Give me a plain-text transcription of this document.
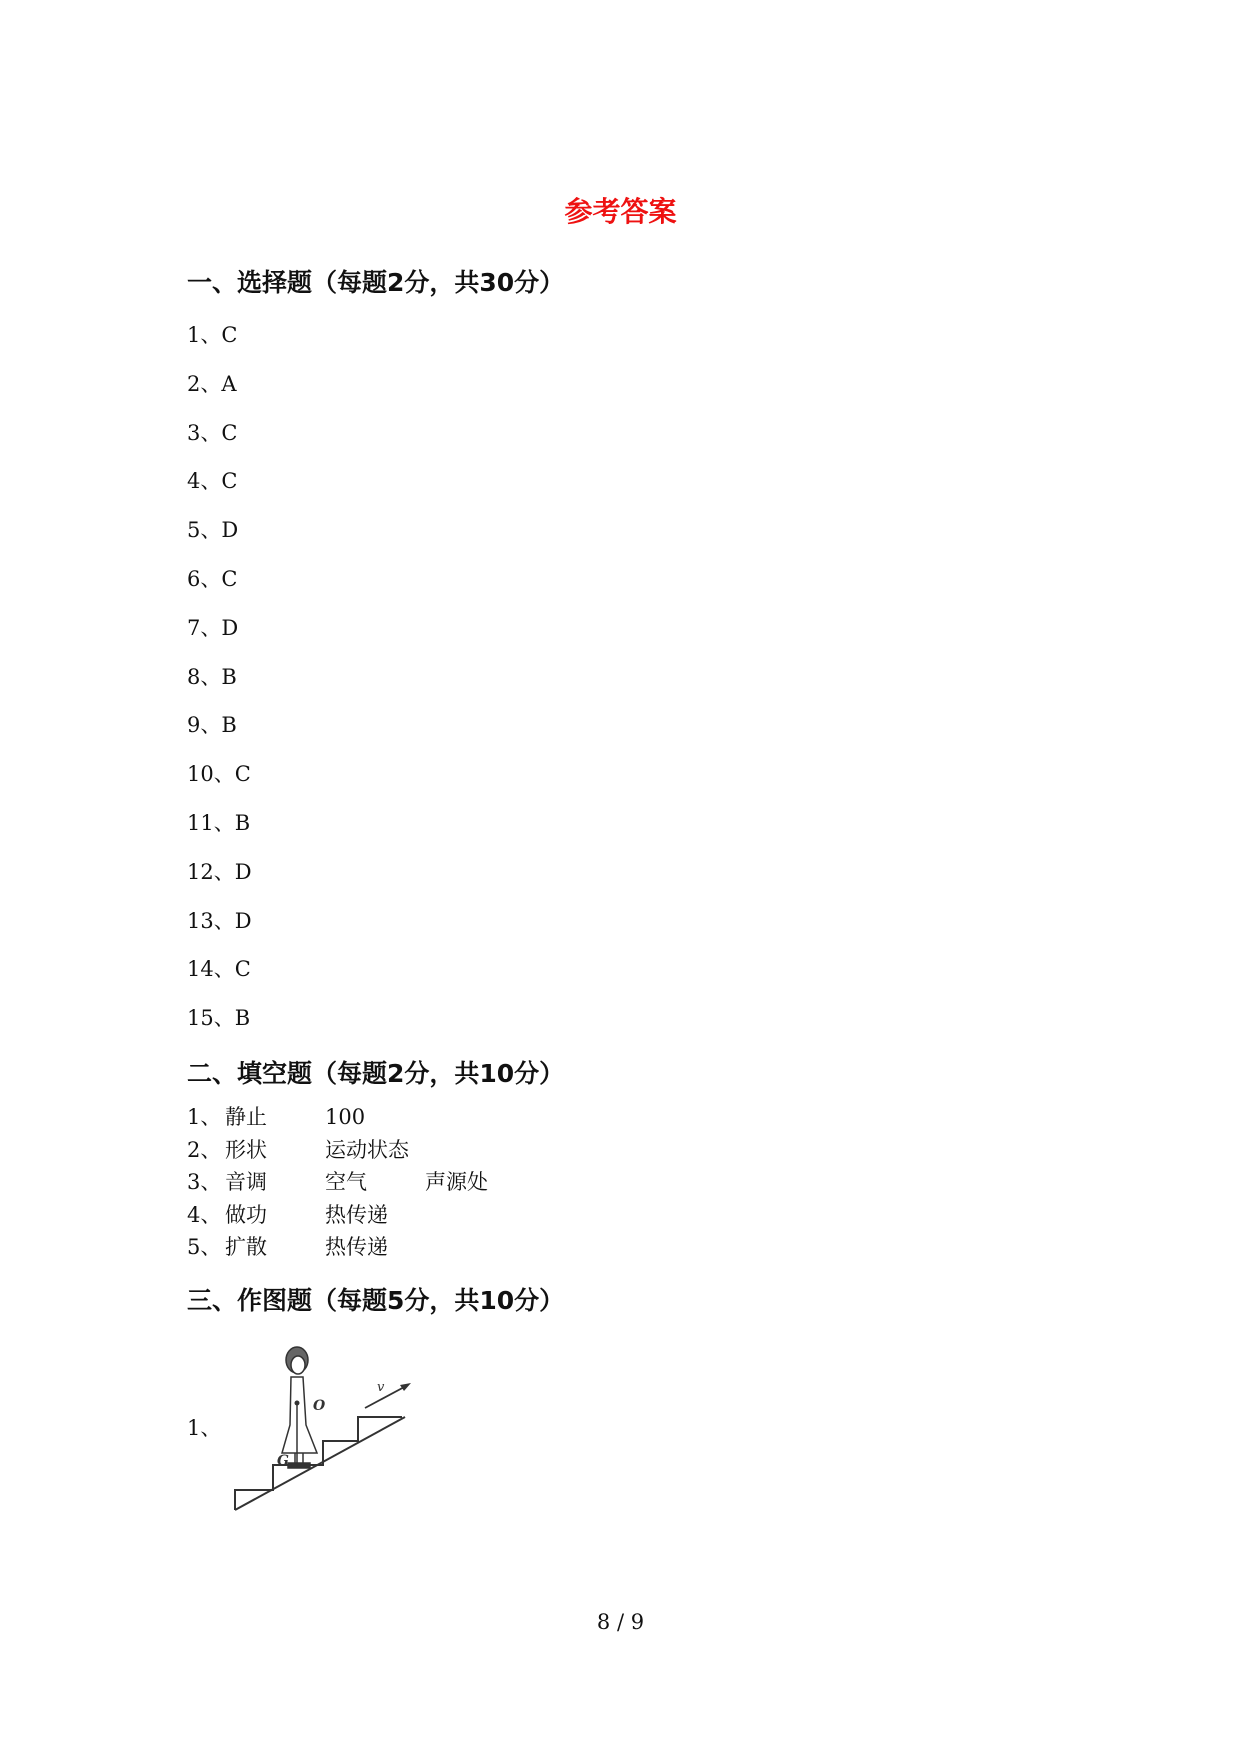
参考答案
一、选择题（每题2分，共30分）
1、C
2、A
3、C
4、C
5、D
6、C
7、D
8、B
9、B
10、C
11、B
12、D
13、D
14、C
15、B
二、填空题（每题2分，共10分）
1、 静止	100
2、 形状	运动状态
3、 音调	空气	声源处
4、 做功	热传递
5、 扩散	热传递
三、作图题（每题5分，共10分）
1、
v
O
G
8 / 9
